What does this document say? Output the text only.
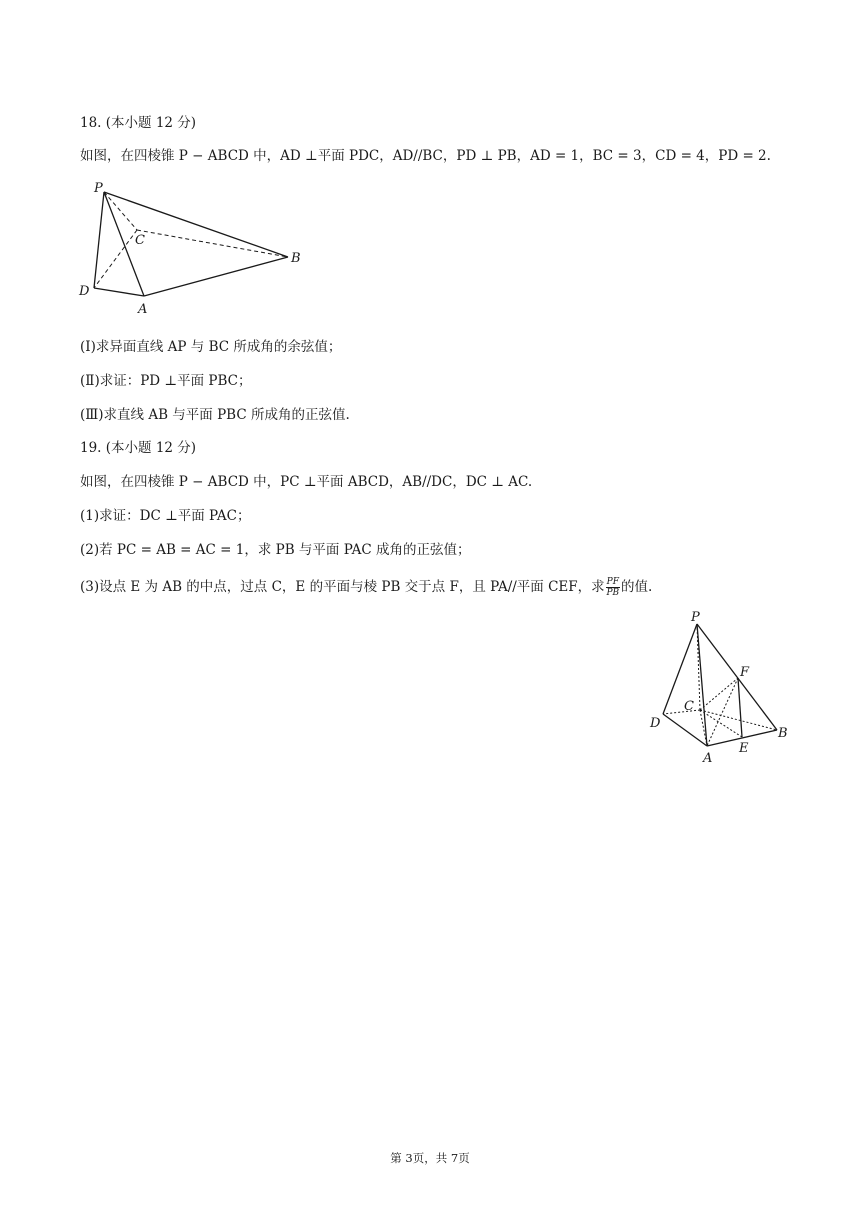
18. (本小题 12 分)
如图，在四棱锥 P − ABCD 中，AD ⊥平面 PDC，AD//BC，PD ⊥ PB，AD = 1，BC = 3，CD = 4，PD = 2.
P
C
B
D
A
(Ⅰ)求异面直线 AP 与 BC 所成角的余弦值；
(Ⅱ)求证：PD ⊥平面 PBC；
(Ⅲ)求直线 AB 与平面 PBC 所成角的正弦值.
19. (本小题 12 分)
如图，在四棱锥 P − ABCD 中，PC ⊥平面 ABCD，AB//DC，DC ⊥ AC.
(1)求证：DC ⊥平面 PAC；
(2)若 PC = AB = AC = 1，求 PB 与平面 PAC 成角的正弦值；
(3)设点 E 为 AB 的中点，过点 C，E 的平面与棱 PB 交于点 F，且 PA//平面 CEF，求 $\frac{PF}{PB}$ 的值.
P
F
C
D
B
E
A
第 3页，共 7页
